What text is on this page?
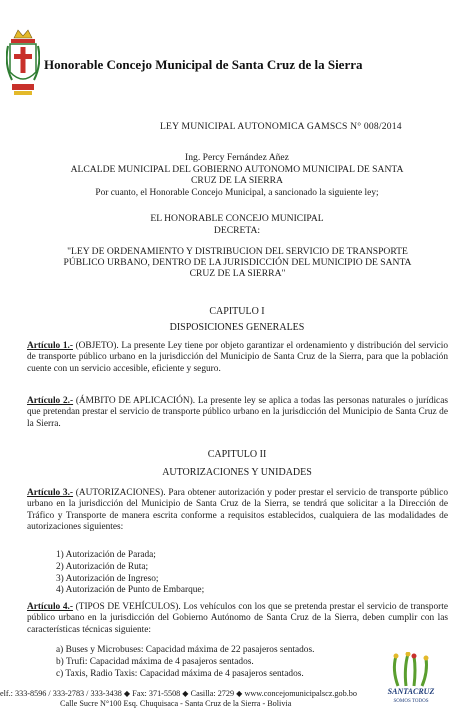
Honorable Concejo Municipal de Santa Cruz de la Sierra
LEY MUNICIPAL AUTONOMICA GAMSCS N° 008/2014
Ing. Percy Fernández Añez
ALCALDE MUNICIPAL DEL GOBIERNO AUTONOMO MUNICIPAL DE SANTA
CRUZ DE LA SIERRA
Por cuanto, el Honorable Concejo Municipal, a sancionado la siguiente ley;
EL HONORABLE CONCEJO MUNICIPAL
DECRETA:
"LEY DE ORDENAMIENTO Y DISTRIBUCION DEL SERVICIO DE TRANSPORTE PÚBLICO URBANO, DENTRO DE LA JURISDICCIÓN DEL MUNICIPIO DE SANTA CRUZ DE LA SIERRA"
CAPITULO I
DISPOSICIONES GENERALES
Artículo 1.- (OBJETO). La presente Ley tiene por objeto garantizar el ordenamiento y distribución del servicio de transporte público urbano en la jurisdicción del Municipio de Santa Cruz de la Sierra, para que la población cuente con un servicio accesible, eficiente y seguro.
Artículo 2.- (ÁMBITO DE APLICACIÓN). La presente ley se aplica a todas las personas naturales o jurídicas que pretendan prestar el servicio de transporte público urbano en la jurisdicción del Municipio de Santa Cruz de la Sierra.
CAPITULO II
AUTORIZACIONES Y UNIDADES
Artículo 3.- (AUTORIZACIONES). Para obtener autorización y poder prestar el servicio de transporte público urbano en la jurisdicción del Municipio de Santa Cruz de la Sierra, se tendrá que solicitar a la Dirección de Tráfico y Transporte de manera escrita conforme a requisitos establecidos, cualquiera de las modalidades de autorizaciones siguientes:
1) Autorización de Parada;
2) Autorización de Ruta;
3) Autorización de Ingreso;
4) Autorización de Punto de Embarque;
Artículo 4.- (TIPOS DE VEHÍCULOS). Los vehículos con los que se pretenda prestar el servicio de transporte público urbano en la jurisdicción del Gobierno Autónomo de Santa Cruz de la Sierra, deben cumplir con las características técnicas siguiente:
a) Buses y Microbuses: Capacidad máxima de 22 pasajeros sentados.
b) Trufi: Capacidad máxima de 4 pasajeros sentados.
c) Taxis, Radio Taxis: Capacidad máxima de 4 pasajeros sentados.
elf.: 333-8596 / 333-2783 / 333-3438 ◆ Fax: 371-5508 ◆ Casilla: 2729 ◆ www.concejomunicipalscz.gob.bo
Calle Sucre N°100 Esq. Chuquisaca - Santa Cruz de la Sierra - Bolivia
SANTACRUZ
SOMOS TODOS
